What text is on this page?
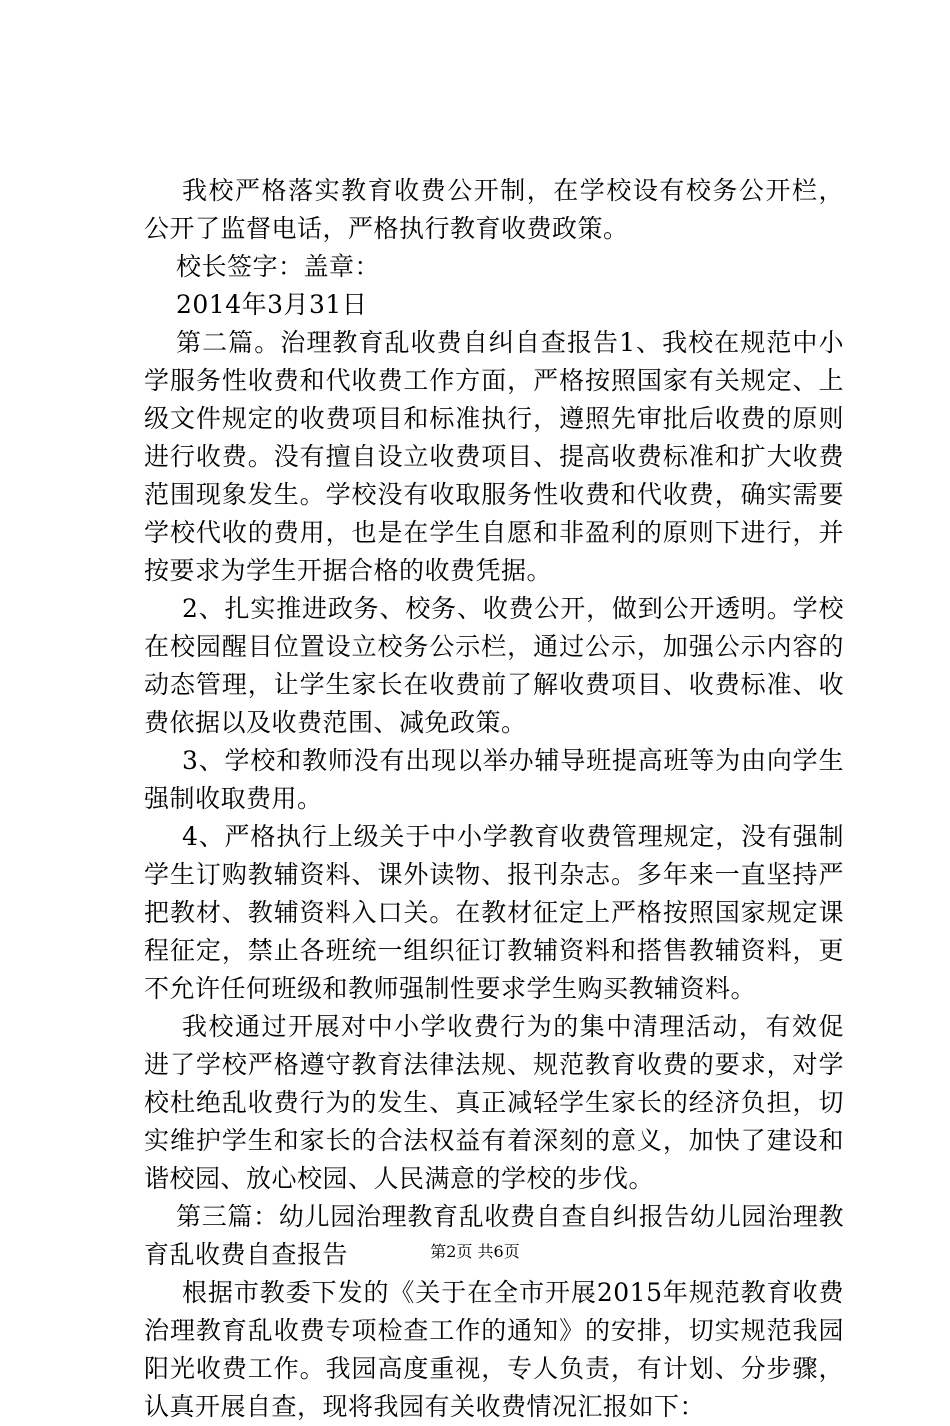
我校严格落实教育收费公开制，在学校设有校务公开栏，公开了监督电话，严格执行教育收费政策。

校长签字：盖章：

2014年3月31日

第二篇。治理教育乱收费自纠自查报告1、我校在规范中小学服务性收费和代收费工作方面，严格按照国家有关规定、上级文件规定的收费项目和标准执行，遵照先审批后收费的原则进行收费。没有擅自设立收费项目、提高收费标准和扩大收费范围现象发生。学校没有收取服务性收费和代收费，确实需要学校代收的费用，也是在学生自愿和非盈利的原则下进行，并按要求为学生开据合格的收费凭据。

2、扎实推进政务、校务、收费公开，做到公开透明。学校在校园醒目位置设立校务公示栏，通过公示，加强公示内容的动态管理，让学生家长在收费前了解收费项目、收费标准、收费依据以及收费范围、减免政策。

3、学校和教师没有出现以举办辅导班提高班等为由向学生强制收取费用。

4、严格执行上级关于中小学教育收费管理规定，没有强制学生订购教辅资料、课外读物、报刊杂志。多年来一直坚持严把教材、教辅资料入口关。在教材征定上严格按照国家规定课程征定，禁止各班统一组织征订教辅资料和搭售教辅资料，更不允许任何班级和教师强制性要求学生购买教辅资料。

我校通过开展对中小学收费行为的集中清理活动，有效促进了学校严格遵守教育法律法规、规范教育收费的要求，对学校杜绝乱收费行为的发生、真正减轻学生家长的经济负担，切实维护学生和家长的合法权益有着深刻的意义，加快了建设和谐校园、放心校园、人民满意的学校的步伐。

第三篇：幼儿园治理教育乱收费自查自纠报告幼儿园治理教育乱收费自查报告

根据市教委下发的《关于在全市开展2015年规范教育收费治理教育乱收费专项检查工作的通知》的安排，切实规范我园阳光收费工作。我园高度重视，专人负责，有计划、分步骤，认真开展自查，现将我园有关收费情况汇报如下：

第2页 共6页
